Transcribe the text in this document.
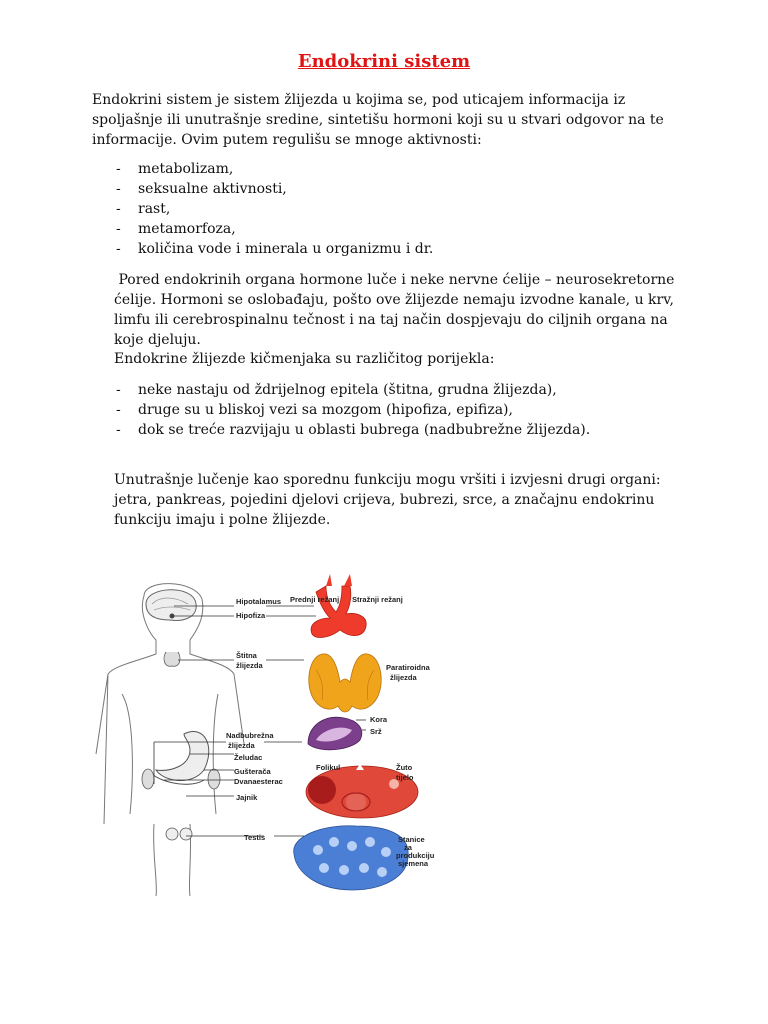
Endokrini sistem

Endokrini sistem je sistem žlijezda u kojima se, pod uticajem informacija iz spoljašnje ili unutrašnje sredine, sintetišu hormoni koji su u stvari odgovor na te informacije. Ovim putem regulišu se mnoge aktivnosti:

- metabolizam,
- seksualne aktivnosti,
- rast,
- metamorfoza,
- količina vode i minerala u organizmu i dr.

Pored endokrinih organa hormone luče i neke nervne ćelije – neurosekretorne ćelije. Hormoni se oslobađaju, pošto ove žlijezde nemaju izvodne kanale, u krv, limfu ili cerebrospinalnu tečnost i na taj način dospjevaju do ciljnih organa na koje djeluju.

Endokrine žlijezde kičmenjaka su različitog porijekla:

- neke nastaju od ždrijelnog epitela (štitna, grudna žlijezda),
- druge su u bliskoj vezi sa mozgom (hipofiza, epifiza),
- dok se treće razvijaju u oblasti bubrega (nadbubrežne žlijezda).

Unutrašnje lučenje kao sporednu funkciju mogu vršiti i izvjesni drugi organi: jetra, pankreas, pojedini djelovi crijeva, bubrezi, srce, a značajnu endokrinu funkciju imaju i polne žlijezde.

Hipotalamus
Hipofiza
Prednji režanj Stražnji režanj
Štitna
žlijezda	Paratiroidna
žlijezda
Kora
Srž
Nadbubrežna
žlijezda
Želudac
Gušterača
Dvanaesterac
Folikul	Žuto
tijelo
Jajnik
Testis	Stanice
za
produkciju
sjemena
